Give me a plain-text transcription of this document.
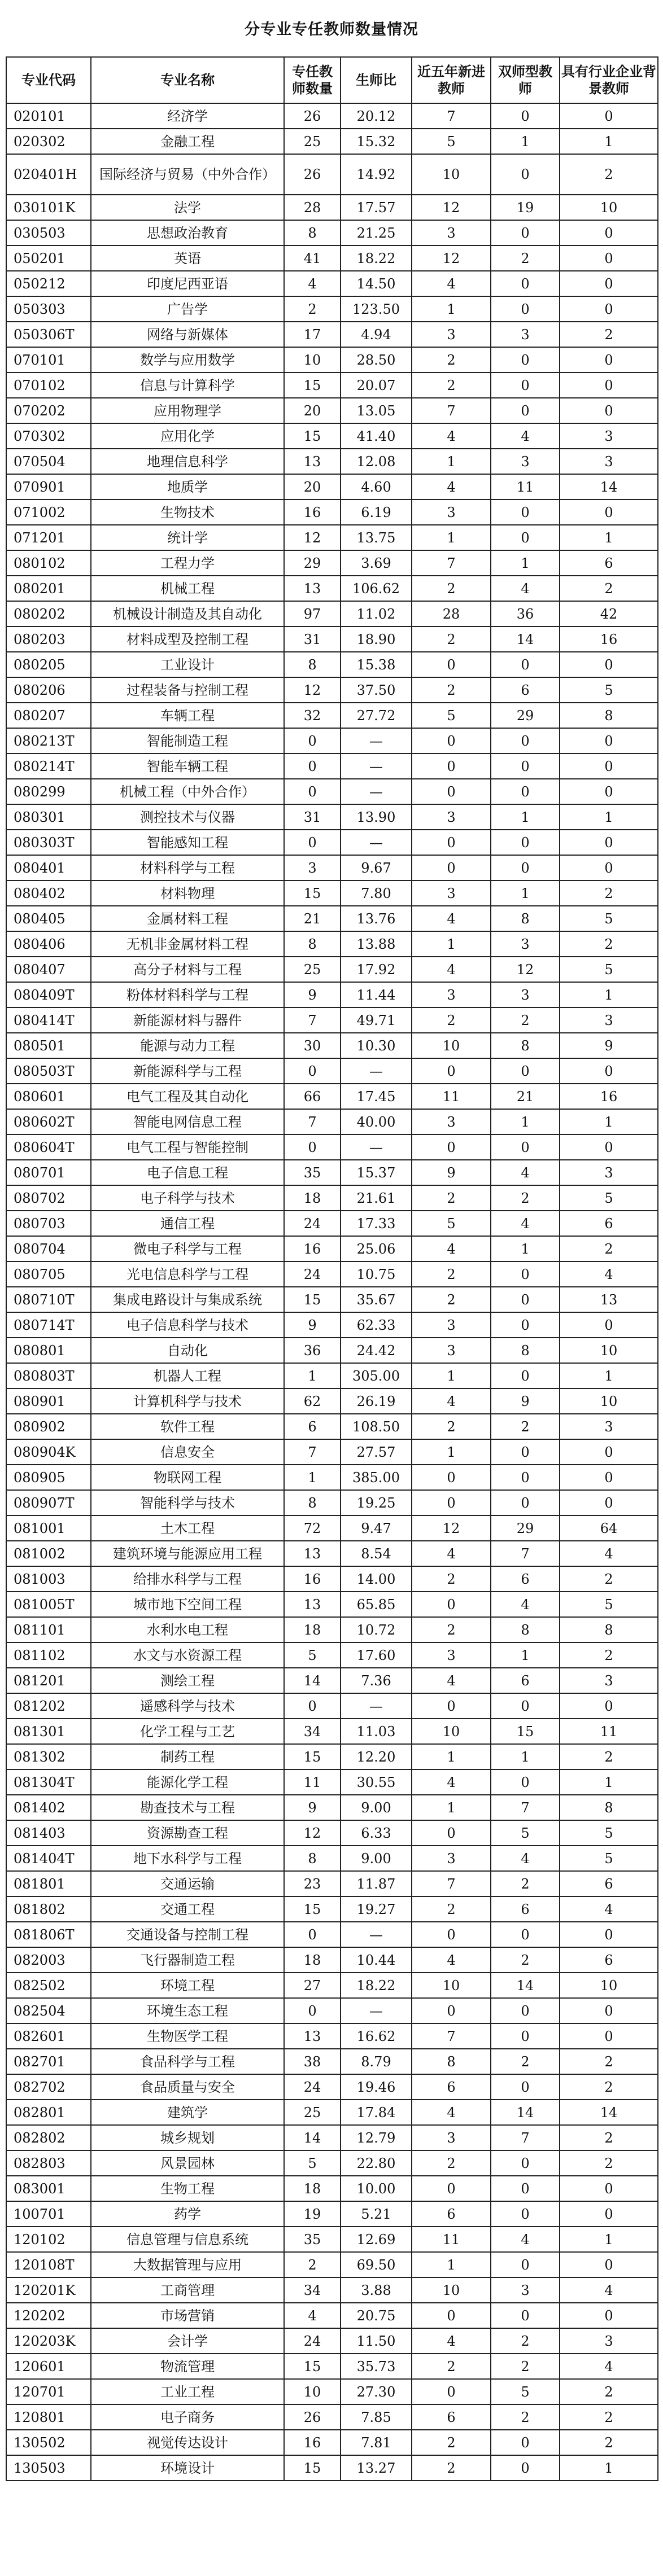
分专业专任教师数量情况
专业代码	专业名称	专任教师数量	生师比	近五年新进教师	双师型教师	具有行业企业背景教师
020101	经济学	26	20.12	7	0	0
020302	金融工程	25	15.32	5	1	1
020401H	国际经济与贸易（中外合作）	26	14.92	10	0	2
030101K	法学	28	17.57	12	19	10
030503	思想政治教育	8	21.25	3	0	0
050201	英语	41	18.22	12	2	0
050212	印度尼西亚语	4	14.50	4	0	0
050303	广告学	2	123.50	1	0	0
050306T	网络与新媒体	17	4.94	3	3	2
070101	数学与应用数学	10	28.50	2	0	0
070102	信息与计算科学	15	20.07	2	0	0
070202	应用物理学	20	13.05	7	0	0
070302	应用化学	15	41.40	4	4	3
070504	地理信息科学	13	12.08	1	3	3
070901	地质学	20	4.60	4	11	14
071002	生物技术	16	6.19	3	0	0
071201	统计学	12	13.75	1	0	1
080102	工程力学	29	3.69	7	1	6
080201	机械工程	13	106.62	2	4	2
080202	机械设计制造及其自动化	97	11.02	28	36	42
080203	材料成型及控制工程	31	18.90	2	14	16
080205	工业设计	8	15.38	0	0	0
080206	过程装备与控制工程	12	37.50	2	6	5
080207	车辆工程	32	27.72	5	29	8
080213T	智能制造工程	0	—	0	0	0
080214T	智能车辆工程	0	—	0	0	0
080299	机械工程（中外合作）	0	—	0	0	0
080301	测控技术与仪器	31	13.90	3	1	1
080303T	智能感知工程	0	—	0	0	0
080401	材料科学与工程	3	9.67	0	0	0
080402	材料物理	15	7.80	3	1	2
080405	金属材料工程	21	13.76	4	8	5
080406	无机非金属材料工程	8	13.88	1	3	2
080407	高分子材料与工程	25	17.92	4	12	5
080409T	粉体材料科学与工程	9	11.44	3	3	1
080414T	新能源材料与器件	7	49.71	2	2	3
080501	能源与动力工程	30	10.30	10	8	9
080503T	新能源科学与工程	0	—	0	0	0
080601	电气工程及其自动化	66	17.45	11	21	16
080602T	智能电网信息工程	7	40.00	3	1	1
080604T	电气工程与智能控制	0	—	0	0	0
080701	电子信息工程	35	15.37	9	4	3
080702	电子科学与技术	18	21.61	2	2	5
080703	通信工程	24	17.33	5	4	6
080704	微电子科学与工程	16	25.06	4	1	2
080705	光电信息科学与工程	24	10.75	2	0	4
080710T	集成电路设计与集成系统	15	35.67	2	0	13
080714T	电子信息科学与技术	9	62.33	3	0	0
080801	自动化	36	24.42	3	8	10
080803T	机器人工程	1	305.00	1	0	1
080901	计算机科学与技术	62	26.19	4	9	10
080902	软件工程	6	108.50	2	2	3
080904K	信息安全	7	27.57	1	0	0
080905	物联网工程	1	385.00	0	0	0
080907T	智能科学与技术	8	19.25	0	0	0
081001	土木工程	72	9.47	12	29	64
081002	建筑环境与能源应用工程	13	8.54	4	7	4
081003	给排水科学与工程	16	14.00	2	6	2
081005T	城市地下空间工程	13	65.85	0	4	5
081101	水利水电工程	18	10.72	2	8	8
081102	水文与水资源工程	5	17.60	3	1	2
081201	测绘工程	14	7.36	4	6	3
081202	遥感科学与技术	0	—	0	0	0
081301	化学工程与工艺	34	11.03	10	15	11
081302	制药工程	15	12.20	1	1	2
081304T	能源化学工程	11	30.55	4	0	1
081402	勘查技术与工程	9	9.00	1	7	8
081403	资源勘查工程	12	6.33	0	5	5
081404T	地下水科学与工程	8	9.00	3	4	5
081801	交通运输	23	11.87	7	2	6
081802	交通工程	15	19.27	2	6	4
081806T	交通设备与控制工程	0	—	0	0	0
082003	飞行器制造工程	18	10.44	4	2	6
082502	环境工程	27	18.22	10	14	10
082504	环境生态工程	0	—	0	0	0
082601	生物医学工程	13	16.62	7	0	0
082701	食品科学与工程	38	8.79	8	2	2
082702	食品质量与安全	24	19.46	6	0	2
082801	建筑学	25	17.84	4	14	14
082802	城乡规划	14	12.79	3	7	2
082803	风景园林	5	22.80	2	0	2
083001	生物工程	18	10.00	0	0	0
100701	药学	19	5.21	6	0	0
120102	信息管理与信息系统	35	12.69	11	4	1
120108T	大数据管理与应用	2	69.50	1	0	0
120201K	工商管理	34	3.88	10	3	4
120202	市场营销	4	20.75	0	0	0
120203K	会计学	24	11.50	4	2	3
120601	物流管理	15	35.73	2	2	4
120701	工业工程	10	27.30	0	5	2
120801	电子商务	26	7.85	6	2	2
130502	视觉传达设计	16	7.81	2	0	2
130503	环境设计	15	13.27	2	0	1
